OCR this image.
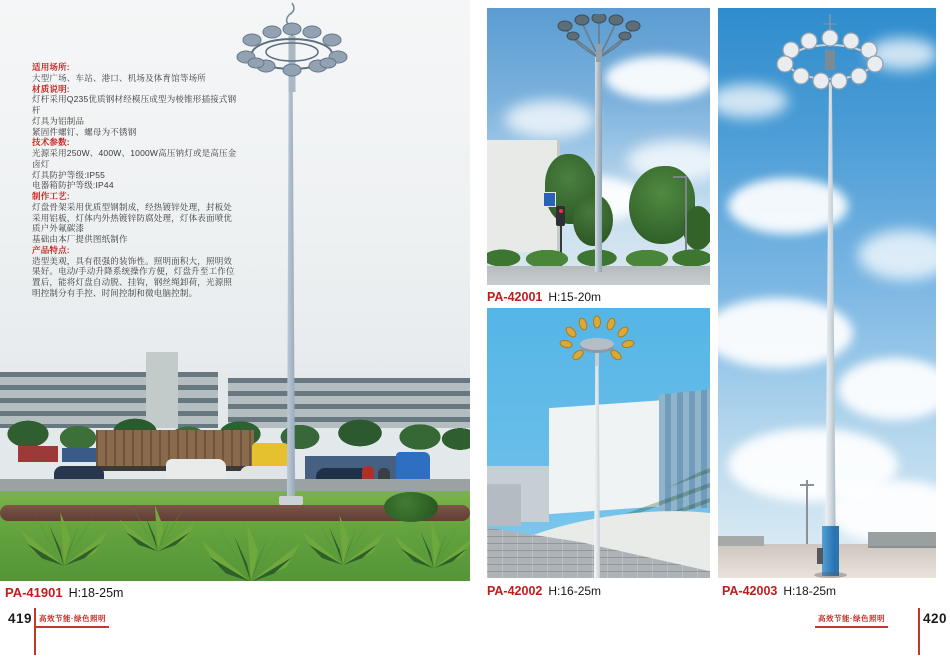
适用场所:
大型广场、车站、港口、机场及体育馆等场所
材质说明:
灯杆采用Q235优质钢材经模压成型为棱锥形插接式钢杆
灯具为铝制品
紧固件螺钉、螺母为不锈钢
技术参数:
光源采用250W、400W、1000W高压钠灯或是高压金
卤灯
灯具防护等级:IP55
电器箱防护等级:IP44
制作工艺:
灯盘骨架采用优质型钢制成，经热镀锌处理，封板处
采用铝板，灯体内外热镀锌防腐处理，灯体表面喷优
质户外氟碳漆
基础由本厂提供图纸制作
产品特点:
造型美观，具有很强的装饰性。照明面积大，照明效
果好。电动/手动升降系统操作方便，灯盘升至工作位
置后，能将灯盘自动脱、挂钩，钢丝绳卸荷，光源照
明控制分有手控、时间控制和微电脑控制。
PA-41901 H:18-25m
419 高效节能·绿色照明
PA-42001 H:15-20m
PA-42002 H:16-25m	PA-42003 H:18-25m
高效节能·绿色照明	420
